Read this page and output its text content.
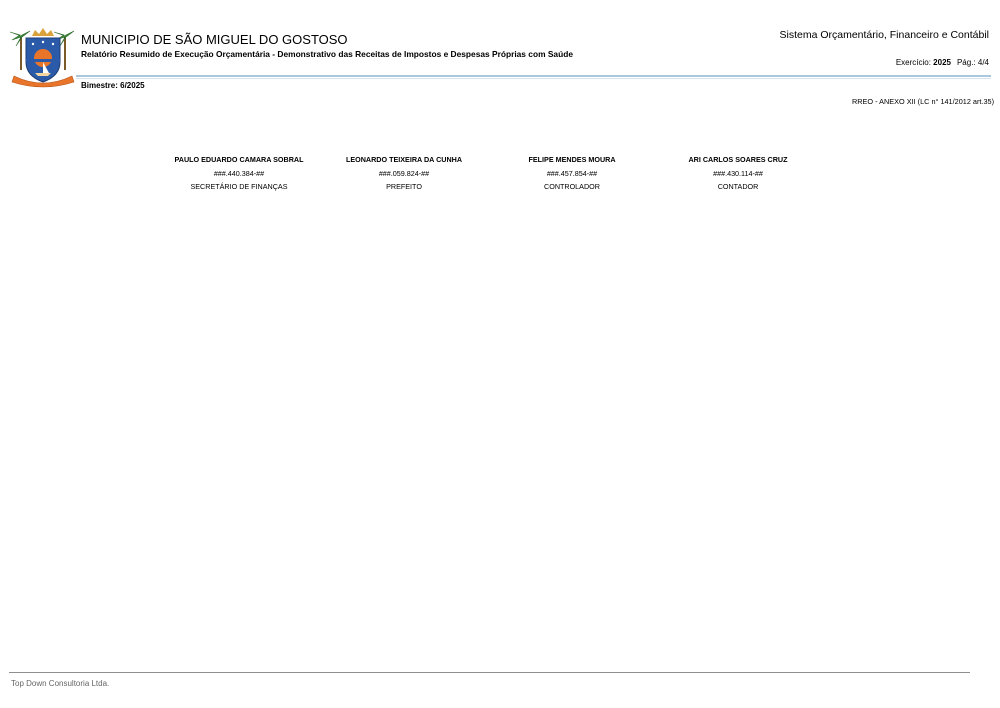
MUNICIPIO DE SÃO MIGUEL DO GOSTOSO
Relatório Resumido de Execução Orçamentária - Demonstrativo das Receitas de Impostos e Despesas Próprias com Saúde
Sistema Orçamentário, Financeiro e Contábil
Exercício: 2025 Pág.: 4/4
Bimestre: 6/2025
RREO - ANEXO XII (LC n° 141/2012 art.35)
PAULO EDUARDO CAMARA SOBRAL
###.440.384-##
SECRETÁRIO DE FINANÇAS
LEONARDO TEIXEIRA DA CUNHA
###.059.824-##
PREFEITO
FELIPE MENDES MOURA
###.457.854-##
CONTROLADOR
ARI CARLOS SOARES CRUZ
###.430.114-##
CONTADOR
Top Down Consultoria Ltda.
